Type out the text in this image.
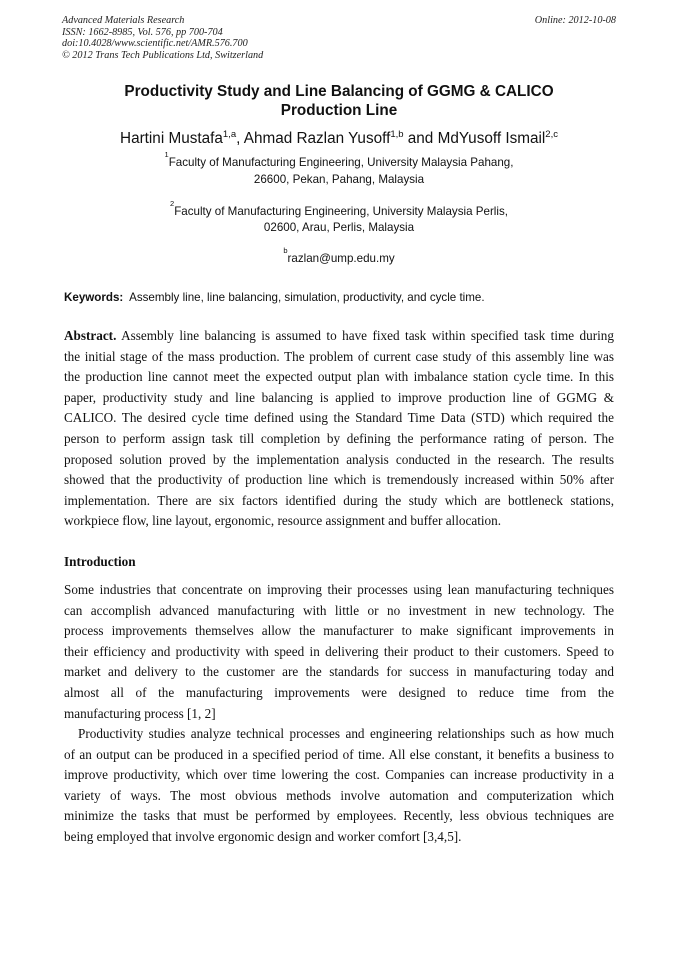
Advanced Materials Research
ISSN: 1662-8985, Vol. 576, pp 700-704
doi:10.4028/www.scientific.net/AMR.576.700
© 2012 Trans Tech Publications Ltd, Switzerland
Online: 2012-10-08
Productivity Study and Line Balancing of GGMG & CALICO
Production Line
Hartini Mustafa$^{1,a}$, Ahmad Razlan Yusoff$^{1,b}$ and MdYusoff Ismail$^{2,c}$
$^1$Faculty of Manufacturing Engineering, University Malaysia Pahang,
26600, Pekan, Pahang, Malaysia
$^2$Faculty of Manufacturing Engineering, University Malaysia Perlis,
02600, Arau, Perlis, Malaysia
$^b$razlan@ump.edu.my
Keywords: Assembly line, line balancing, simulation, productivity, and cycle time.
Abstract. Assembly line balancing is assumed to have fixed task within specified task time during
the initial stage of the mass production. The problem of current case study of this assembly line was
the production line cannot meet the expected output plan with imbalance station cycle time. In this
paper, productivity study and line balancing is applied to improve production line of GGMG &
CALICO. The desired cycle time defined using the Standard Time Data (STD) which required the
person to perform assign task till completion by defining the performance rating of person. The
proposed solution proved by the implementation analysis conducted in the research. The results
showed that the productivity of production line which is tremendously increased within 50% after
implementation. There are six factors identified during the study which are bottleneck stations,
workpiece flow, line layout, ergonomic, resource assignment and buffer allocation.
Introduction
Some industries that concentrate on improving their processes using lean manufacturing techniques
can accomplish advanced manufacturing with little or no investment in new technology. The
process improvements themselves allow the manufacturer to make significant improvements in
their efficiency and productivity with speed in delivering their product to their customers. Speed to
market and delivery to the customer are the standards for success in manufacturing today and
almost all of the manufacturing improvements were designed to reduce time from the
manufacturing process [1, 2]
Productivity studies analyze technical processes and engineering relationships such as how much
of an output can be produced in a specified period of time. All else constant, it benefits a business to
improve productivity, which over time lowering the cost. Companies can increase productivity in a
variety of ways. The most obvious methods involve automation and computerization which
minimize the tasks that must be performed by employees. Recently, less obvious techniques are
being employed that involve ergonomic design and worker comfort [3,4,5].
